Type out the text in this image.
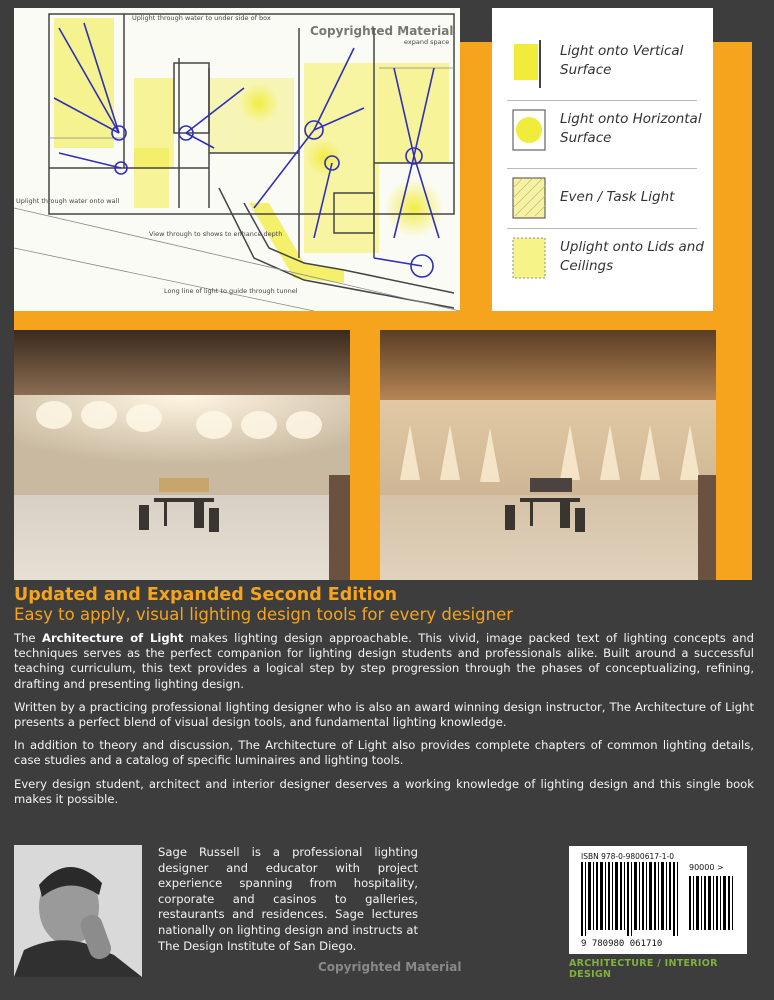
Uplight through water to under side of box
expand space
Uplight through water onto wall
View through to shows to enhance depth
Long line of light to guide through tunnel
Copyrighted Material
Light onto Vertical Surface
Light onto Horizontal Surface
Even / Task Light
Uplight onto Lids and Ceilings

Updated and Expanded Second Edition

Easy to apply, visual lighting design tools for every designer

The Architecture of Light makes lighting design approachable. This vivid, image packed text of lighting concepts and techniques serves as the perfect companion for lighting design students and professionals alike. Built around a successful teaching curriculum, this text provides a logical step by step progression through the phases of conceptualizing, refining, drafting and presenting lighting design.

Written by a practicing professional lighting designer who is also an award winning design instructor, The Architecture of Light presents a perfect blend of visual design tools, and fundamental lighting knowledge.

In addition to theory and discussion, The Architecture of Light also provides complete chapters of common lighting details, case studies and a catalog of specific luminaires and lighting tools.

Every design student, architect and interior designer deserves a working knowledge of lighting design and this single book makes it possible.

Sage Russell is a professional lighting designer and educator with project experience spanning from hospitality, corporate and casinos to galleries, restaurants and residences. Sage lectures nationally on lighting design and instructs at The Design Institute of San Diego.

ISBN 978-0-9800617-1-0
90000 >
9 780980 061710
ARCHITECTURE / INTERIOR DESIGN
Copyrighted Material
